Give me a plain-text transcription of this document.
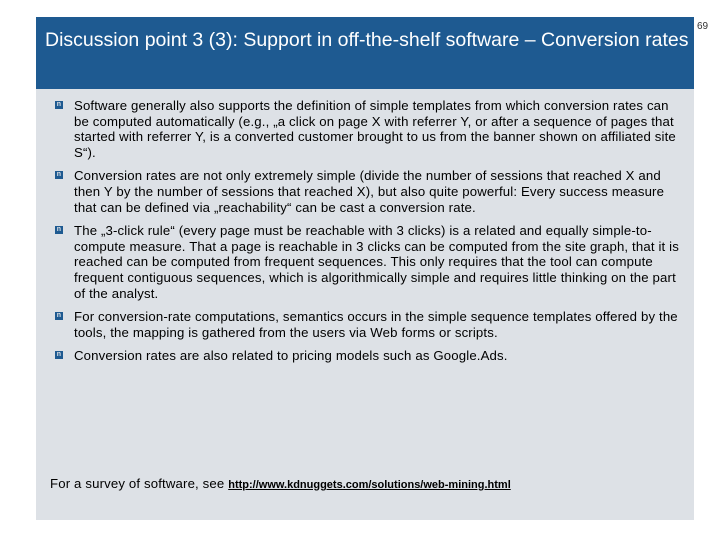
Discussion point 3 (3): Support in off-the-shelf software – Conversion rates
69
n Software generally also supports the definition of simple templates from which conversion rates can be computed automatically (e.g., „a click on page X with referrer Y, or after a sequence of pages that started with referrer Y, is a converted customer brought to us from the banner shown on affiliated site S“).
n Conversion rates are not only extremely simple (divide the number of sessions that reached X and then Y by the number of sessions that reached X), but also quite powerful: Every success measure that can be defined via „reachability“ can be cast a conversion rate.
n The „3-click rule“ (every page must be reachable with 3 clicks) is a related and equally simple-to-compute measure. That a page is reachable in 3 clicks can be computed from the site graph, that it is reached can be computed from frequent sequences. This only requires that the tool can compute frequent contiguous sequences, which is algorithmically simple and requires little thinking on the part of the analyst.
n For conversion-rate computations, semantics occurs in the simple sequence templates offered by the tools, the mapping is gathered from the users via Web forms or scripts.
n Conversion rates are also related to pricing models such as Google.Ads.
For a survey of software, see http://www.kdnuggets.com/solutions/web-mining.html
